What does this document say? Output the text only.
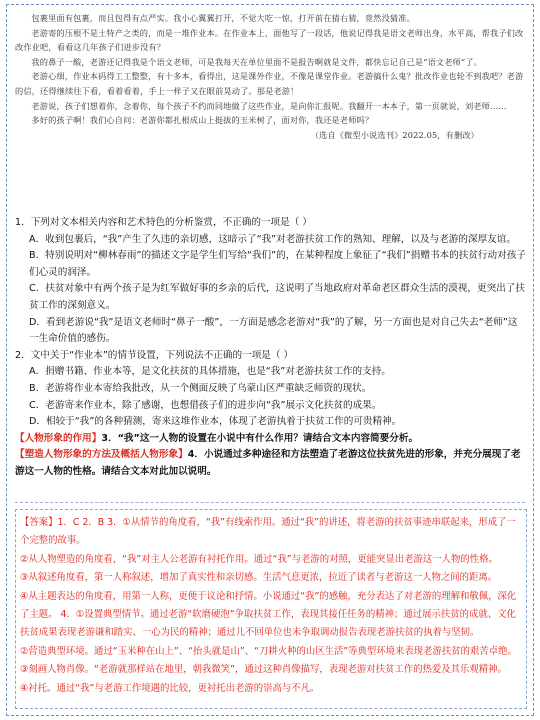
包裹里面有包裹，而且包得有点严实。我小心翼翼打开，不觉大吃一惊，打开前在猜右猜，竟然没猜准。

老游寄的压根不是土特产之类的，而是一堆作业本。在作业本上，面他写了一段话，他说记得我是语文老师出身，水平高，帮我子们改改作业吧，看看这几年孩子们进步没有？

我的鼻子一酸，老游还记得我是个语文老师，可是我每天在单位里面不是报告啊就是文件，都快忘记自己是“语文老师”了。

老游心细，作业本码得工工整整，有十多本，看得出，这是课外作业，不像是课堂作业。老游搞什么鬼？批改作业也轮不到我吧？老游的信，还得继续往下看，看着看着，手上一样子又在眼前晃动了。那是老游！

老游说，孩子们想着你，念着你，每个孩子不约而同地做了这些作业，是向你汇报呢。我翻开一本本子，第一页就说，刘老师……

多好的孩子啊！我们心自问：老游你都扎根成山上挺拔的玉米树了，面对你，我还是老师吗？

（选自《微型小说选刊》2022.05，有删改）

1．下列对文本相关内容和艺术特色的分析鉴赏，不正确的一项是（ ）

A．收到包裹后，“我”产生了久违的亲切感，这暗示了“我”对老游扶贫工作的熟知、理解，以及与老游的深厚友谊。

B．特别说明对“柳林春雨”的描述文字是学生们写给“我们”的，在某种程度上象征了“我们”捐赠书本的扶贫行动对孩子们心灵的润泽。

C．扶贫对象中有两个孩子是为红军做好事的乡亲的后代，这说明了当地政府对革命老区群众生活的漠视，更突出了扶贫工作的深刻意义。

D．看到老游说“我”是语文老师时“鼻子一酸”，一方面是感念老游对“我”的了解，另一方面也是对自己失去“老师”这一生命价值的感伤。

2．文中关于“作业本”的情节设置，下列说法不正确的一项是（ ）

A．捐赠书籍、作业本等，是文化扶贫的具体措施，也是“我”对老游扶贫工作的支持。

B．老游将作业本寄给我批改，从一个侧面反映了乌蒙山区严重缺乏师资的现状。

C．老游寄来作业本，除了感谢，也想借孩子们的进步向“我”展示文化扶贫的成果。

D．相较于“我”的各种猜测，寄来这堆作业本，体现了老游执着于扶贫工作的可贵精神。

【人物形象的作用】3．“我”这一人物的设置在小说中有什么作用？请结合文本内容简要分析。

【塑造人物形象的方法及概括人物形象】4．小说通过多种途径和方法塑造了老游这位扶贫先进的形象，并充分展现了老游这一人物的性格。请结合文本对此加以说明。

【答案】1．C 2．B 3．①从情节的角度看，“我”有线索作用。通过“我”的讲述，将老游的扶贫事迹串联起来，形成了一个完整的故事。

②从人物塑造的角度看，“我”对主人公老游有衬托作用。通过“我”与老游的对照，更能突显出老游这一人物的性格。

③从叙述角度看，第一人称叙述，增加了真实性和亲切感。生活气息更浓，拉近了读者与老游这一人物之间的距离。

④从主题表达的角度看，用第一人称，更便于议论和抒情。小说通过“我”的感触，充分表达了对老游的理解和敬佩，深化了主题。 4．①设置典型情节。通过老游“软磨硬泡”争取扶贫工作，表现其接任任务的精神；通过展示扶贫的成就、文化扶贫成果表现老游谦和踏实、一心为民的精神；通过儿不回单位也未争取调动报告表现老游扶贫的执着与坚韧。

②营造典型环境。通过“玉米种在山上”、“抬头就是山”、“刀耕火种的山区生活”等典型环境来表现老游扶贫的艰苦卓绝。

③刻画人物肖像。“老游就那样站在地里，朝我微笑”，通过这种肖像描写，表现老游对扶贫工作的热爱及其乐观精神。

④衬托。通过“我”与老游工作境遇的比较，更衬托出老游的崇高与不凡。
